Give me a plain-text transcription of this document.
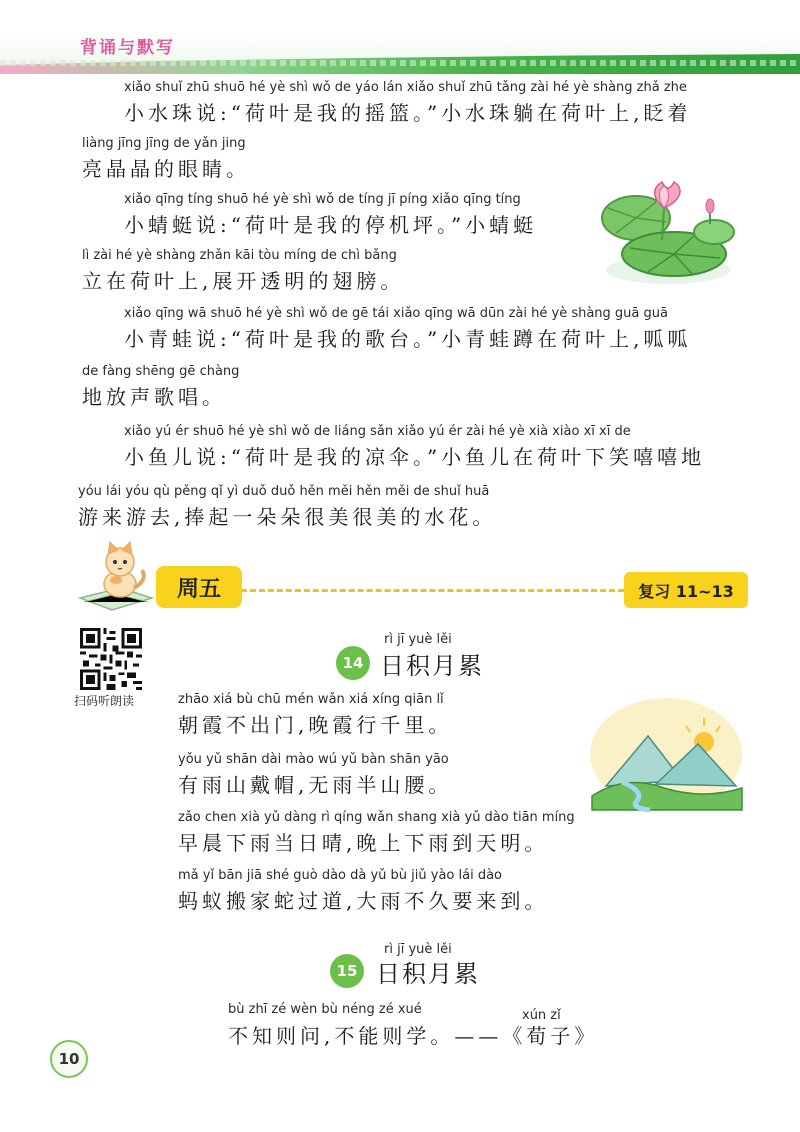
背诵与默写
xiǎo shuǐ zhū shuō hé yè shì wǒ de yáo lán xiǎo shuǐ zhū tǎng zài hé yè shàng zhǎ zhe
小水珠说:“荷叶是我的摇篮。”小水珠躺在荷叶上,眨着
liàng jīng jīng de yǎn jing
亮晶晶的眼睛。
xiǎo qīng tíng shuō hé yè shì wǒ de tíng jī píng xiǎo qīng tíng
小蜻蜓说:“荷叶是我的停机坪。”小蜻蜓
lì zài hé yè shàng zhǎn kāi tòu míng de chì bǎng
立在荷叶上,展开透明的翅膀。
xiǎo qīng wā shuō hé yè shì wǒ de gē tái xiǎo qīng wā dūn zài hé yè shàng guā guā
小青蛙说:“荷叶是我的歌台。”小青蛙蹲在荷叶上,呱呱
de fàng shēng gē chàng
地放声歌唱。
xiǎo yú ér shuō hé yè shì wǒ de liáng sǎn xiǎo yú ér zài hé yè xià xiào xī xī de
小鱼儿说:“荷叶是我的凉伞。”小鱼儿在荷叶下笑嘻嘻地
yóu lái yóu qù pěng qǐ yì duǒ duǒ hěn měi hěn měi de shuǐ huā
游来游去,捧起一朵朵很美很美的水花。
周五	复习 11~13
扫码听朗读
rì jī yuè lěi
14 日积月累
zhāo xiá bù chū mén wǎn xiá xíng qiān lǐ
朝霞不出门,晚霞行千里。
yǒu yǔ shān dài mào wú yǔ bàn shān yāo
有雨山戴帽,无雨半山腰。
zǎo chen xià yǔ dàng rì qíng wǎn shang xià yǔ dào tiān míng
早晨下雨当日晴,晚上下雨到天明。
mǎ yǐ bān jiā shé guò dào dà yǔ bù jiǔ yào lái dào
蚂蚁搬家蛇过道,大雨不久要来到。
rì jī yuè lěi
15 日积月累
bù zhī zé wèn bù néng zé xué	xún zǐ
不知则问,不能则学。——《荀子》
10
